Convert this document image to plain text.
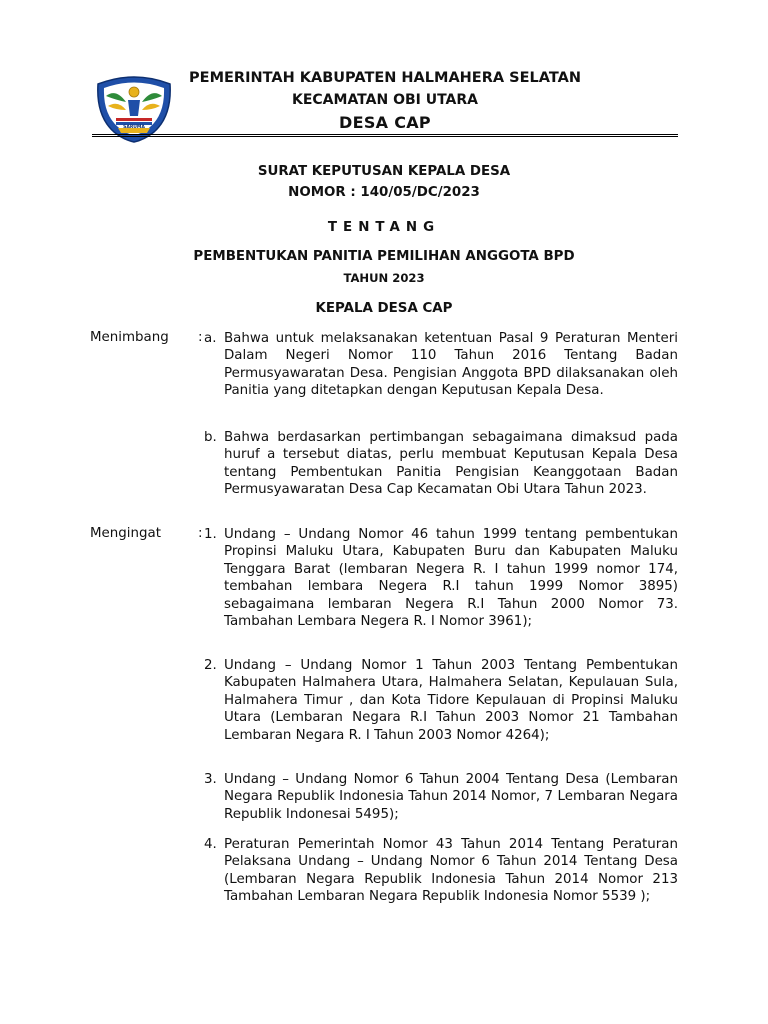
SARUMA
PEMERINTAH KABUPATEN HALMAHERA SELATAN
KECAMATAN OBI UTARA
DESA CAP
SURAT KEPUTUSAN KEPALA DESA
NOMOR : 140/05/DC/2023
TENTANG
PEMBENTUKAN PANITIA PEMILIHAN ANGGOTA BPD
TAHUN 2023
KEPALA DESA CAP
Menimbang : a. Bahwa untuk melaksanakan ketentuan Pasal 9 Peraturan Menteri Dalam Negeri Nomor 110 Tahun 2016 Tentang Badan Permusyawaratan Desa. Pengisian Anggota BPD dilaksanakan oleh Panitia yang ditetapkan dengan Keputusan Kepala Desa.
b. Bahwa berdasarkan pertimbangan sebagaimana dimaksud pada huruf a tersebut diatas, perlu membuat Keputusan Kepala Desa tentang Pembentukan Panitia Pengisian Keanggotaan Badan Permusyawaratan Desa Cap Kecamatan Obi Utara Tahun 2023.
Mengingat	: 1. Undang – Undang Nomor 46 tahun 1999 tentang pembentukan Propinsi Maluku Utara, Kabupaten Buru dan Kabupaten Maluku Tenggara Barat (lembaran Negera R. I tahun 1999 nomor 174, tembahan lembara Negera R.I tahun 1999 Nomor 3895) sebagaimana lembaran Negera R.I Tahun 2000 Nomor 73. Tambahan Lembara Negera R. I Nomor 3961);
2. Undang – Undang Nomor 1 Tahun 2003 Tentang Pembentukan Kabupaten Halmahera Utara, Halmahera Selatan, Kepulauan Sula, Halmahera Timur , dan Kota Tidore Kepulauan di Propinsi Maluku Utara (Lembaran Negara R.I Tahun 2003 Nomor 21 Tambahan Lembaran Negara R. I Tahun 2003 Nomor 4264);
3. Undang – Undang Nomor 6 Tahun 2004 Tentang Desa (Lembaran Negara Republik Indonesia Tahun 2014 Nomor, 7 Lembaran Negara Republik Indonesai 5495);
4. Peraturan Pemerintah Nomor 43 Tahun 2014 Tentang Peraturan Pelaksana Undang – Undang Nomor 6 Tahun 2014 Tentang Desa (Lembaran Negara Republik Indonesia Tahun 2014 Nomor 213 Tambahan Lembaran Negara Republik Indonesia Nomor 5539 );
